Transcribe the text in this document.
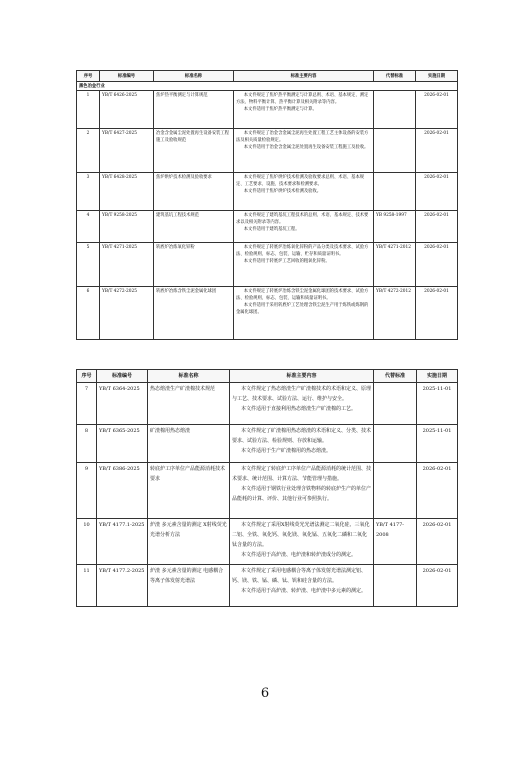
序号	标准编号	标准名称	标准主要内容	代替标准	实施日期
黑色冶金行业					
1	YB/T 6426-2025	焦炉热平衡测定与计算规范	本文件规定了焦炉热平衡测定与计算总则、术语、基本规定、测定方法、物料平衡计算、热平衡计算及相关附录等内容。
本文件适用于焦炉热平衡测定与计算。		2026-02-01
2	YB/T 6427-2025	冶金含金属尘泥处置再生设备安装工程施工及验收规范	本文件规定了冶金含金属尘泥再生处置工程工艺主体设备的安装方法及相关质量检验规定。
本文件适用于冶金含金属尘泥处置再生设备安装工程施工及验收。		2026-02-01
3	YB/T 6428-2025	焦炉烘炉技术检测及验收要求	本文件规定了焦炉烘炉技术检测及验收要求总则、术语、基本规定、工艺要求、设施、技术要求和检测要求。
本文件适用于焦炉烘炉技术检测及验收。		2026-02-01
4	YB/T 9258-2025	建筑基坑工程技术规范	本文件规定了建筑基坑工程技术的总则、术语、基本规定、技术要求以及相关附录等内容。
本文件适用于建筑基坑工程。	YB 9258-1997	2026-02-01
5	YB/T 4271-2025	转底炉冶炼氧化锌粉	本文件规定了转底炉冶炼氧化锌粉的产品分类及技术要求、试验方法、检验规则、标志、包装、运输、贮存和质量证明书。
本文件适用于转底炉工艺回收的粗氧化锌粉。	YB/T 4271-2012	2026-02-01
6	YB/T 4272-2025	转底炉冶炼含铁尘泥金属化球团	本文件规定了转底炉冶炼含铁尘泥金属化球团的技术要求、试验方法、检验规则、标志、包装、运输和质量证明书。
本文件适用于采用转底炉工艺处理含铁尘泥生产用于炼铁或炼钢的金属化球团。	YB/T 4272-2012	2026-02-01
序号	标准编号	标准名称	标准主要内容	代替标准	实施日期
7	YB/T 6364-2025	热态熔渣生产矿渣棉技术规范	本文件规定了热态熔渣生产矿渣棉技术的术语和定义、原理与工艺、技术要求、试验方法、运行、维护与安全。
本文件适用于直接利用热态熔渣生产矿渣棉的工艺。		2025-11-01
8	YB/T 6365-2025	矿渣棉用热态熔渣	本文件规定了矿渣棉用热态熔渣的术语和定义、分类、技术要求、试验方法、检验规则、存放和运输。
本文件适用于生产矿渣棉用的热态熔渣。		2025-11-01
9	YB/T 6386-2025	转底炉工序单位产品能源消耗技术要求	本文件规定了转底炉工序单位产品能源消耗的统计范围、技术要求、统计范围、计算方法、节能管理与措施。
本文件适用于钢铁行业处理含铁物料的转底炉生产的单位产品能耗的计算、评价、其他行业可参照执行。		2026-02-01
10	YB/T 4177.1-2025	炉渣 多元素含量的测定 X射线荧光光谱分析方法	本文件规定了采用X射线荧光光谱法测定二氧化硅、三氧化二铝、全铁、氧化钙、氧化镁、氧化锰、五氧化二磷和二氧化钛含量的方法。
本文件适用于高炉渣、电炉渣和转炉渣成分的测定。	YB/T 4177-2008	2026-02-01
11	YB/T 4177.2-2025	炉渣 多元素含量的测定 电感耦合等离子体发射光谱法	本文件规定了采用电感耦合等离子体发射光谱法测定铝、钙、镁、铁、锰、磷、钛、钒和硅含量的方法。
本文件适用于高炉渣、转炉渣、电炉渣中多元素的测定。		2026-02-01
6
